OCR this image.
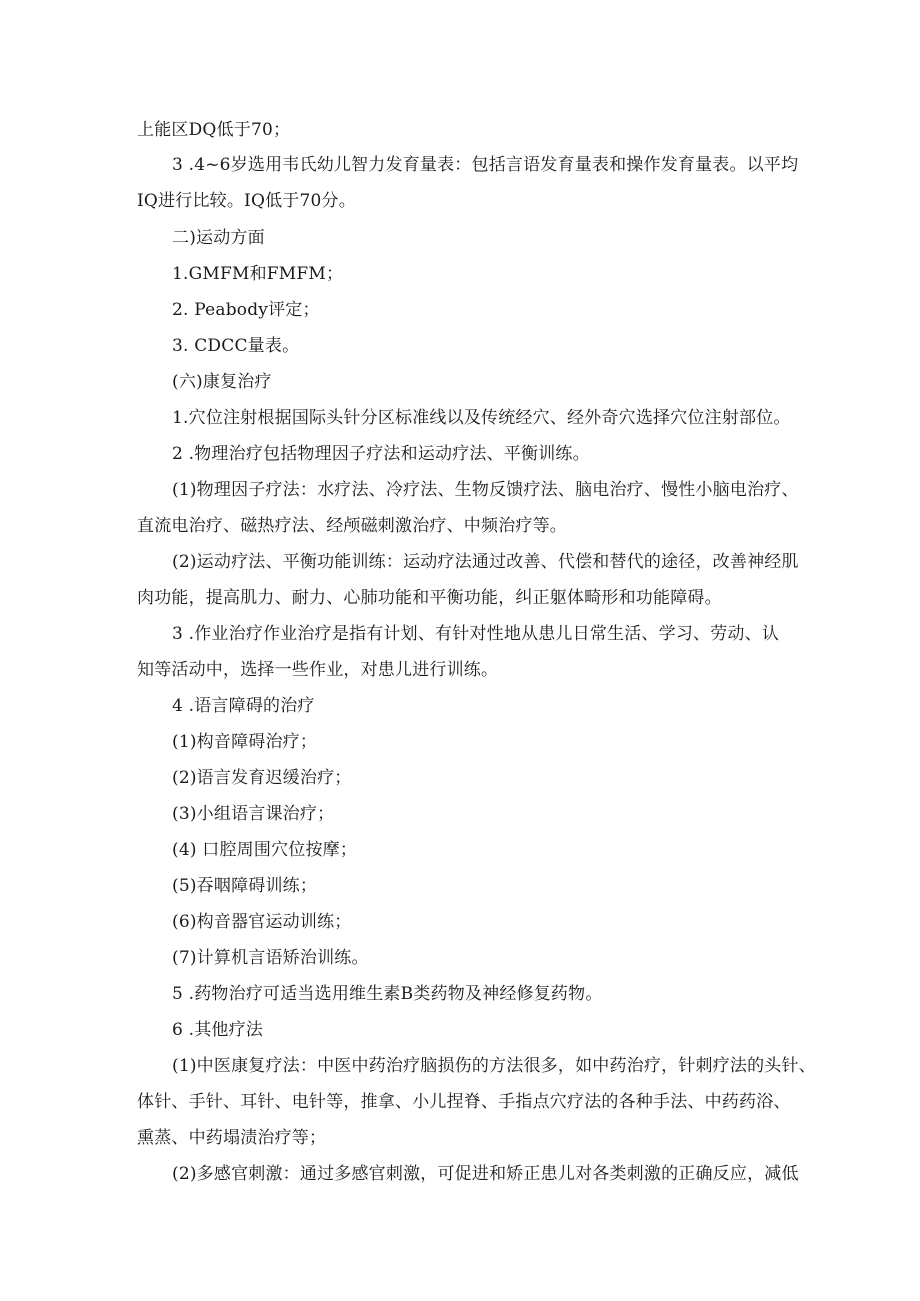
上能区DQ低于70；
3 .4~6岁选用韦氏幼儿智力发育量表：包括言语发育量表和操作发育量表。以平均
IQ进行比较。IQ低于70分。
二)运动方面
1.GMFM和FMFM；
2. Peabody评定；
3. CDCC量表。
(六)康复治疗
1.穴位注射根据国际头针分区标准线以及传统经穴、经外奇穴选择穴位注射部位。
2 .物理治疗包括物理因子疗法和运动疗法、平衡训练。
(1)物理因子疗法：水疗法、冷疗法、生物反馈疗法、脑电治疗、慢性小脑电治疗、
直流电治疗、磁热疗法、经颅磁刺激治疗、中频治疗等。
(2)运动疗法、平衡功能训练：运动疗法通过改善、代偿和替代的途径，改善神经肌
肉功能，提高肌力、耐力、心肺功能和平衡功能，纠正躯体畸形和功能障碍。
3 .作业治疗作业治疗是指有计划、有针对性地从患儿日常生活、学习、劳动、认
知等活动中，选择一些作业，对患儿进行训练。
4 .语言障碍的治疗
(1)构音障碍治疗；
(2)语言发育迟缓治疗；
(3)小组语言课治疗；
(4) 口腔周围穴位按摩；
(5)吞咽障碍训练；
(6)构音器官运动训练；
(7)计算机言语矫治训练。
5 .药物治疗可适当选用维生素B类药物及神经修复药物。
6 .其他疗法
(1)中医康复疗法：中医中药治疗脑损伤的方法很多，如中药治疗，针刺疗法的头针、
体针、手针、耳针、电针等，推拿、小儿捏脊、手指点穴疗法的各种手法、中药药浴、
熏蒸、中药塌渍治疗等；
(2)多感官刺激：通过多感官刺激，可促进和矫正患儿对各类刺激的正确反应，减低
